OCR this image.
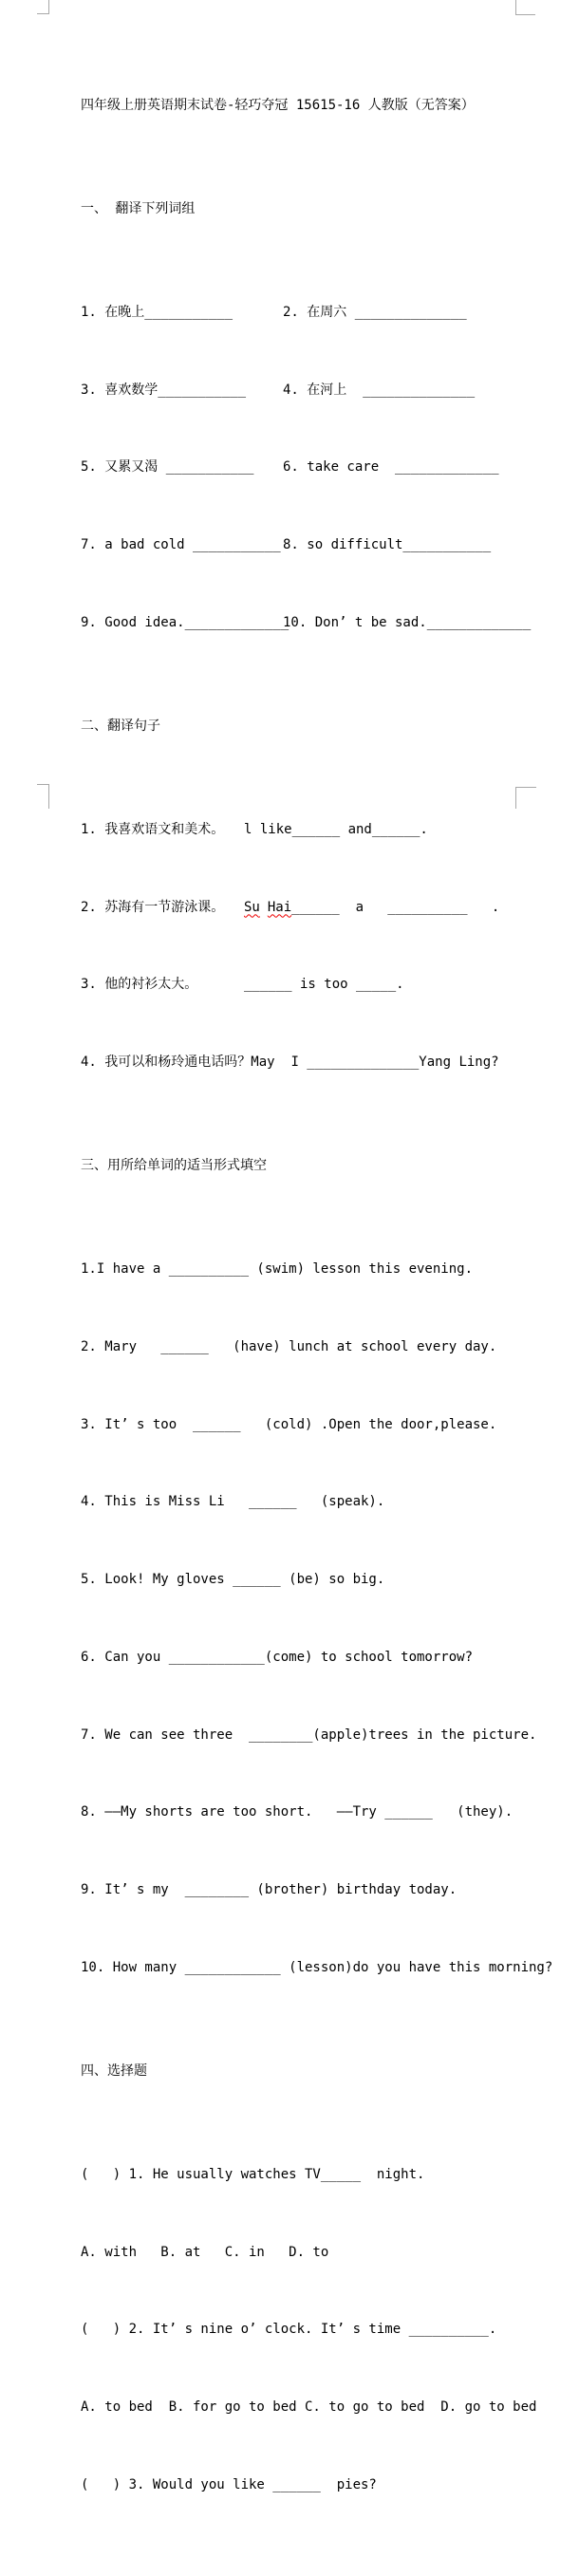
四年级上册英语期末试卷-轻巧夺冠 15615-16 人教版（无答案）

一、 翻译下列词组

1. 在晚上___________	2. 在周六 ______________

3. 喜欢数学___________	4. 在河上  ______________

5. 又累又渴 ___________ 6. take care  _____________

7. a bad cold ___________ 8. so difficult___________

9. Good idea._____________10. Don’ t be sad._____________

二、翻译句子

1. 我喜欢语文和美术。 l like______ and______.

2. 苏海有一节游泳课。 Su Hai______  a   __________   .

3. 他的衬衫太大。	______ is too _____.

4. 我可以和杨玲通电话吗？May  I ______________Yang Ling?

三、用所给单词的适当形式填空

1.I have a __________ (swim) lesson this evening.

2. Mary   ______   (have) lunch at school every day.

3. It’ s too  ______   (cold) .Open the door,please.

4. This is Miss Li   ______   (speak).

5. Look! My gloves ______ (be) so big.

6. Can you ____________(come) to school tomorrow?

7. We can see three  ________(apple)trees in the picture.

8. ——My shorts are too short.   ——Try ______   (they).

9. It’ s my  ________ (brother) birthday today.

10. How many ____________ (lesson)do you have this morning?

四、选择题

(   ) 1. He usually watches TV_____  night.

A. with   B. at   C. in   D. to

(   ) 2. It’ s nine o’ clock. It’ s time __________.

A. to bed  B. for go to bed C. to go to bed  D. go to bed

(   ) 3. Would you like ______  pies?
